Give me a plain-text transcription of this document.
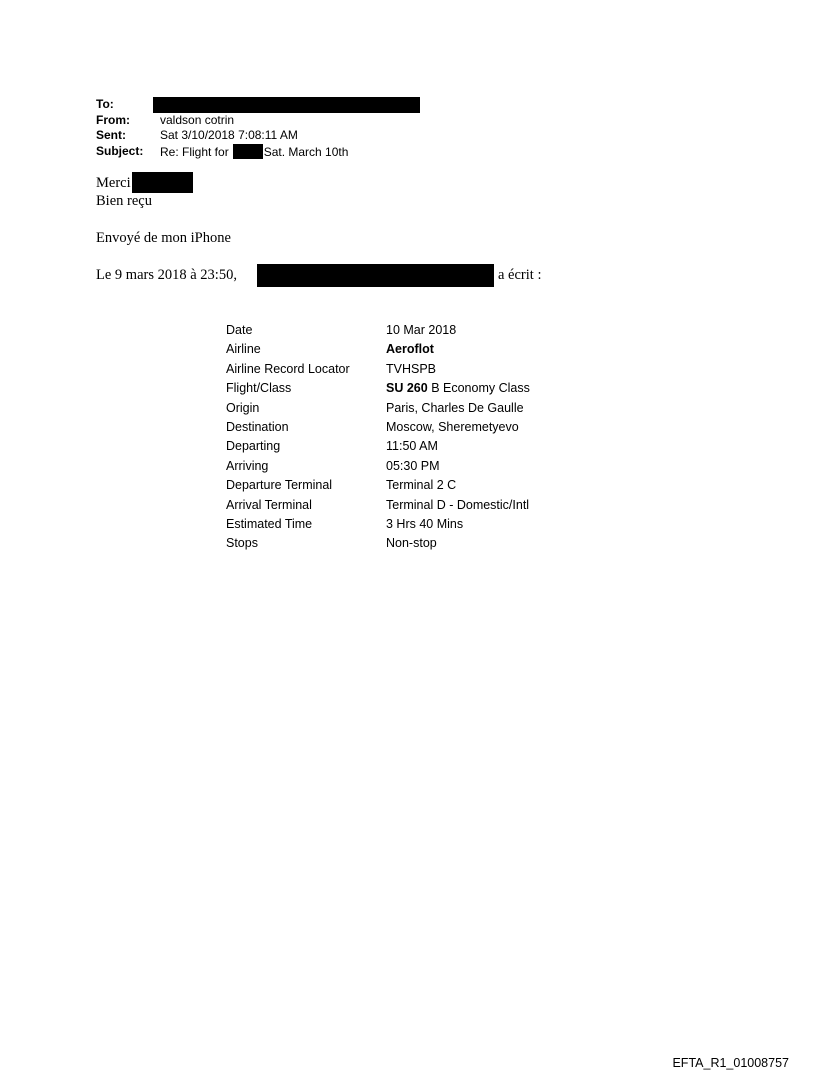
To:
From:	valdson cotrin
Sent:	Sat 3/10/2018 7:08:11 AM
Subject: Re: Flight for	Sat. March 10th
Merci
Bien reçu
Envoyé de mon iPhone
Le 9 mars 2018 à 23:50,	a écrit :
Date	10 Mar 2018
Airline	Aeroflot
Airline Record Locator	TVHSPB
Flight/Class	SU 260 B Economy Class
Origin	Paris, Charles De Gaulle
Destination	Moscow, Sheremetyevo
Departing	11:50 AM
Arriving	05:30 PM
Departure Terminal	Terminal 2 C
Arrival Terminal	Terminal D - Domestic/Intl
Estimated Time	3 Hrs 40 Mins
Stops	Non-stop
EFTA_R1_01008757
